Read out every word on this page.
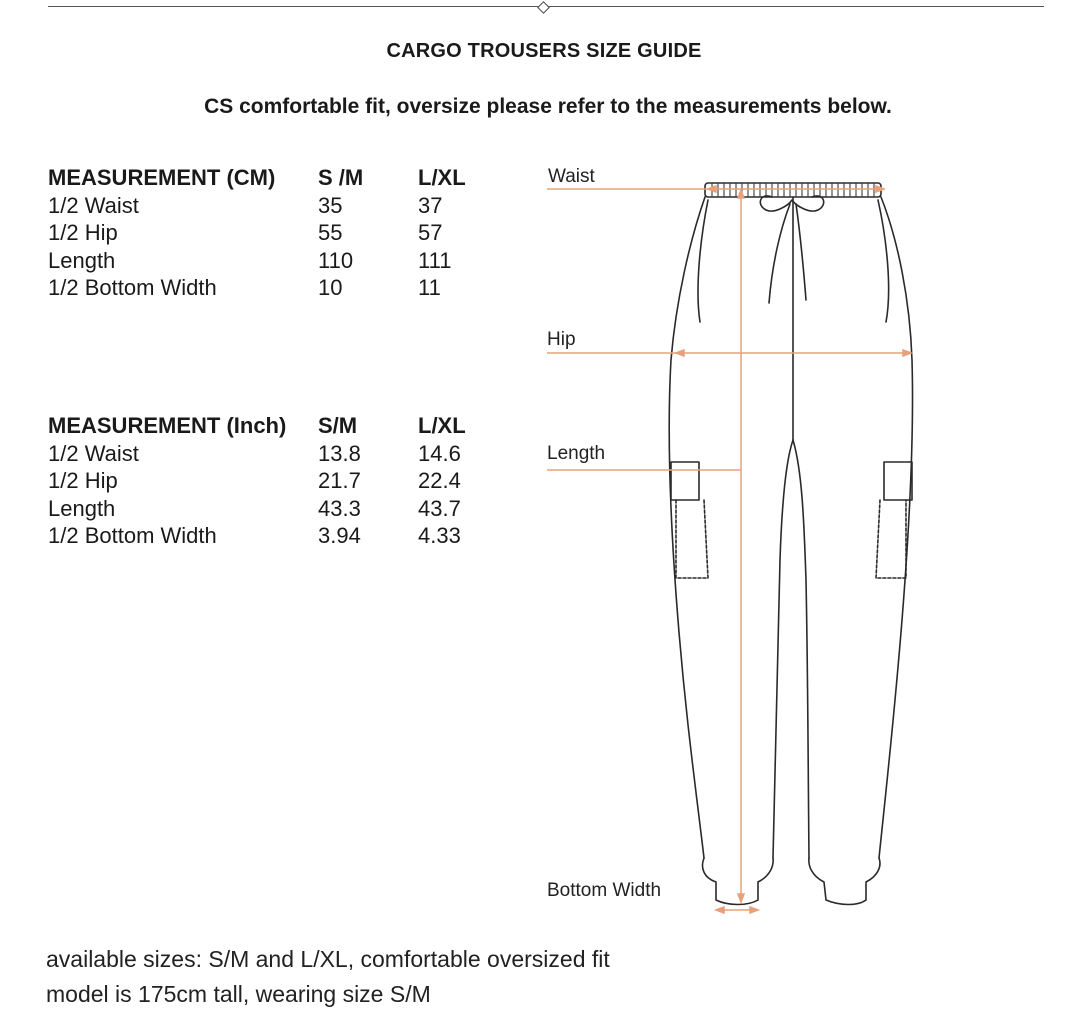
CARGO TROUSERS SIZE GUIDE
CS comfortable fit, oversize please refer to the measurements below.
MEASUREMENT (CM)	S /M	L/XL
1/2 Waist	35	37
1/2 Hip	55	57
Length	110	111
1/2 Bottom Width	10	11
MEASUREMENT (Inch)	S/M	L/XL
1/2 Waist	13.8	14.6
1/2 Hip	21.7	22.4
Length	43.3	43.7
1/2 Bottom Width	3.94	4.33
Waist
Hip
Length
Bottom Width
available sizes: S/M and L/XL, comfortable oversized fit
model is 175cm tall, wearing size S/M
